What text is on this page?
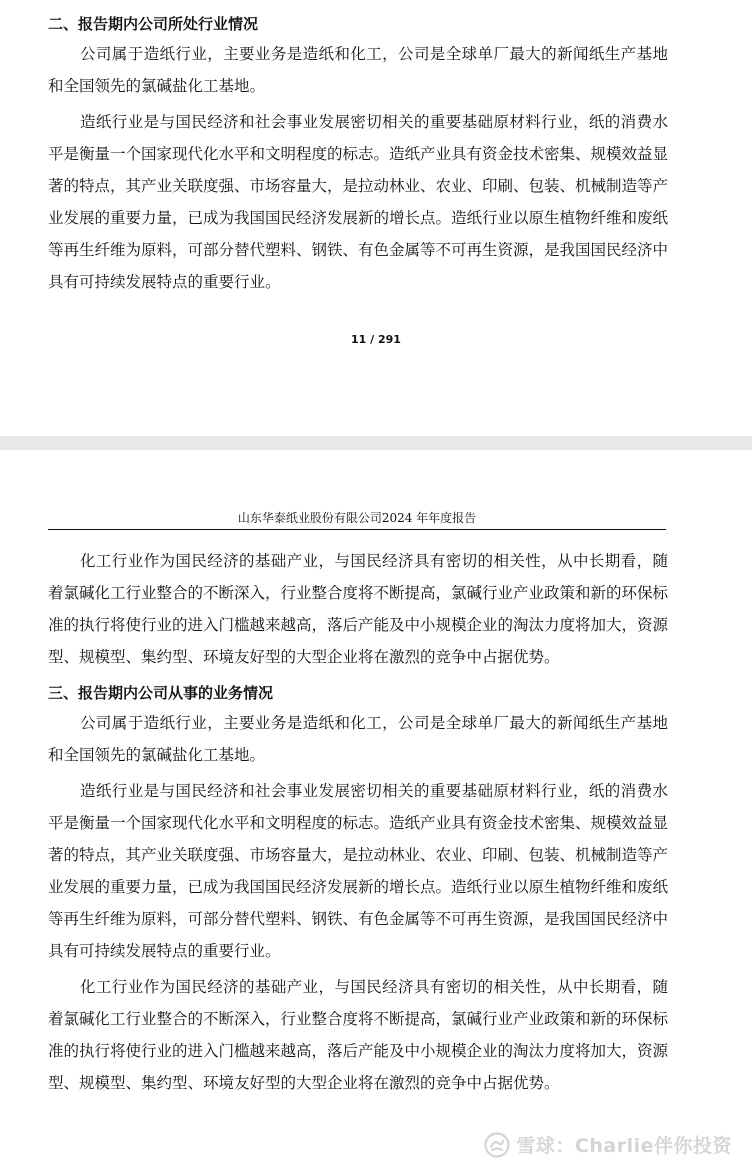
二、报告期内公司所处行业情况

公司属于造纸行业，主要业务是造纸和化工，公司是全球单厂最大的新闻纸生产基地和全国领先的氯碱盐化工基地。

造纸行业是与国民经济和社会事业发展密切相关的重要基础原材料行业，纸的消费水平是衡量一个国家现代化水平和文明程度的标志。造纸产业具有资金技术密集、规模效益显著的特点，其产业关联度强、市场容量大，是拉动林业、农业、印刷、包装、机械制造等产业发展的重要力量，已成为我国国民经济发展新的增长点。造纸行业以原生植物纤维和废纸等再生纤维为原料，可部分替代塑料、钢铁、有色金属等不可再生资源，是我国国民经济中具有可持续发展特点的重要行业。

11 / 291
山东华泰纸业股份有限公司2024 年年度报告

化工行业作为国民经济的基础产业，与国民经济具有密切的相关性，从中长期看，随着氯碱化工行业整合的不断深入，行业整合度将不断提高，氯碱行业产业政策和新的环保标准的执行将使行业的进入门槛越来越高，落后产能及中小规模企业的淘汰力度将加大，资源型、规模型、集约型、环境友好型的大型企业将在激烈的竞争中占据优势。

三、报告期内公司从事的业务情况

公司属于造纸行业，主要业务是造纸和化工，公司是全球单厂最大的新闻纸生产基地和全国领先的氯碱盐化工基地。

造纸行业是与国民经济和社会事业发展密切相关的重要基础原材料行业，纸的消费水平是衡量一个国家现代化水平和文明程度的标志。造纸产业具有资金技术密集、规模效益显著的特点，其产业关联度强、市场容量大，是拉动林业、农业、印刷、包装、机械制造等产业发展的重要力量，已成为我国国民经济发展新的增长点。造纸行业以原生植物纤维和废纸等再生纤维为原料，可部分替代塑料、钢铁、有色金属等不可再生资源，是我国国民经济中具有可持续发展特点的重要行业。

化工行业作为国民经济的基础产业，与国民经济具有密切的相关性，从中长期看，随着氯碱化工行业整合的不断深入，行业整合度将不断提高，氯碱行业产业政策和新的环保标准的执行将使行业的进入门槛越来越高，落后产能及中小规模企业的淘汰力度将加大，资源型、规模型、集约型、环境友好型的大型企业将在激烈的竞争中占据优势。

雪球：Charlie伴你投资
